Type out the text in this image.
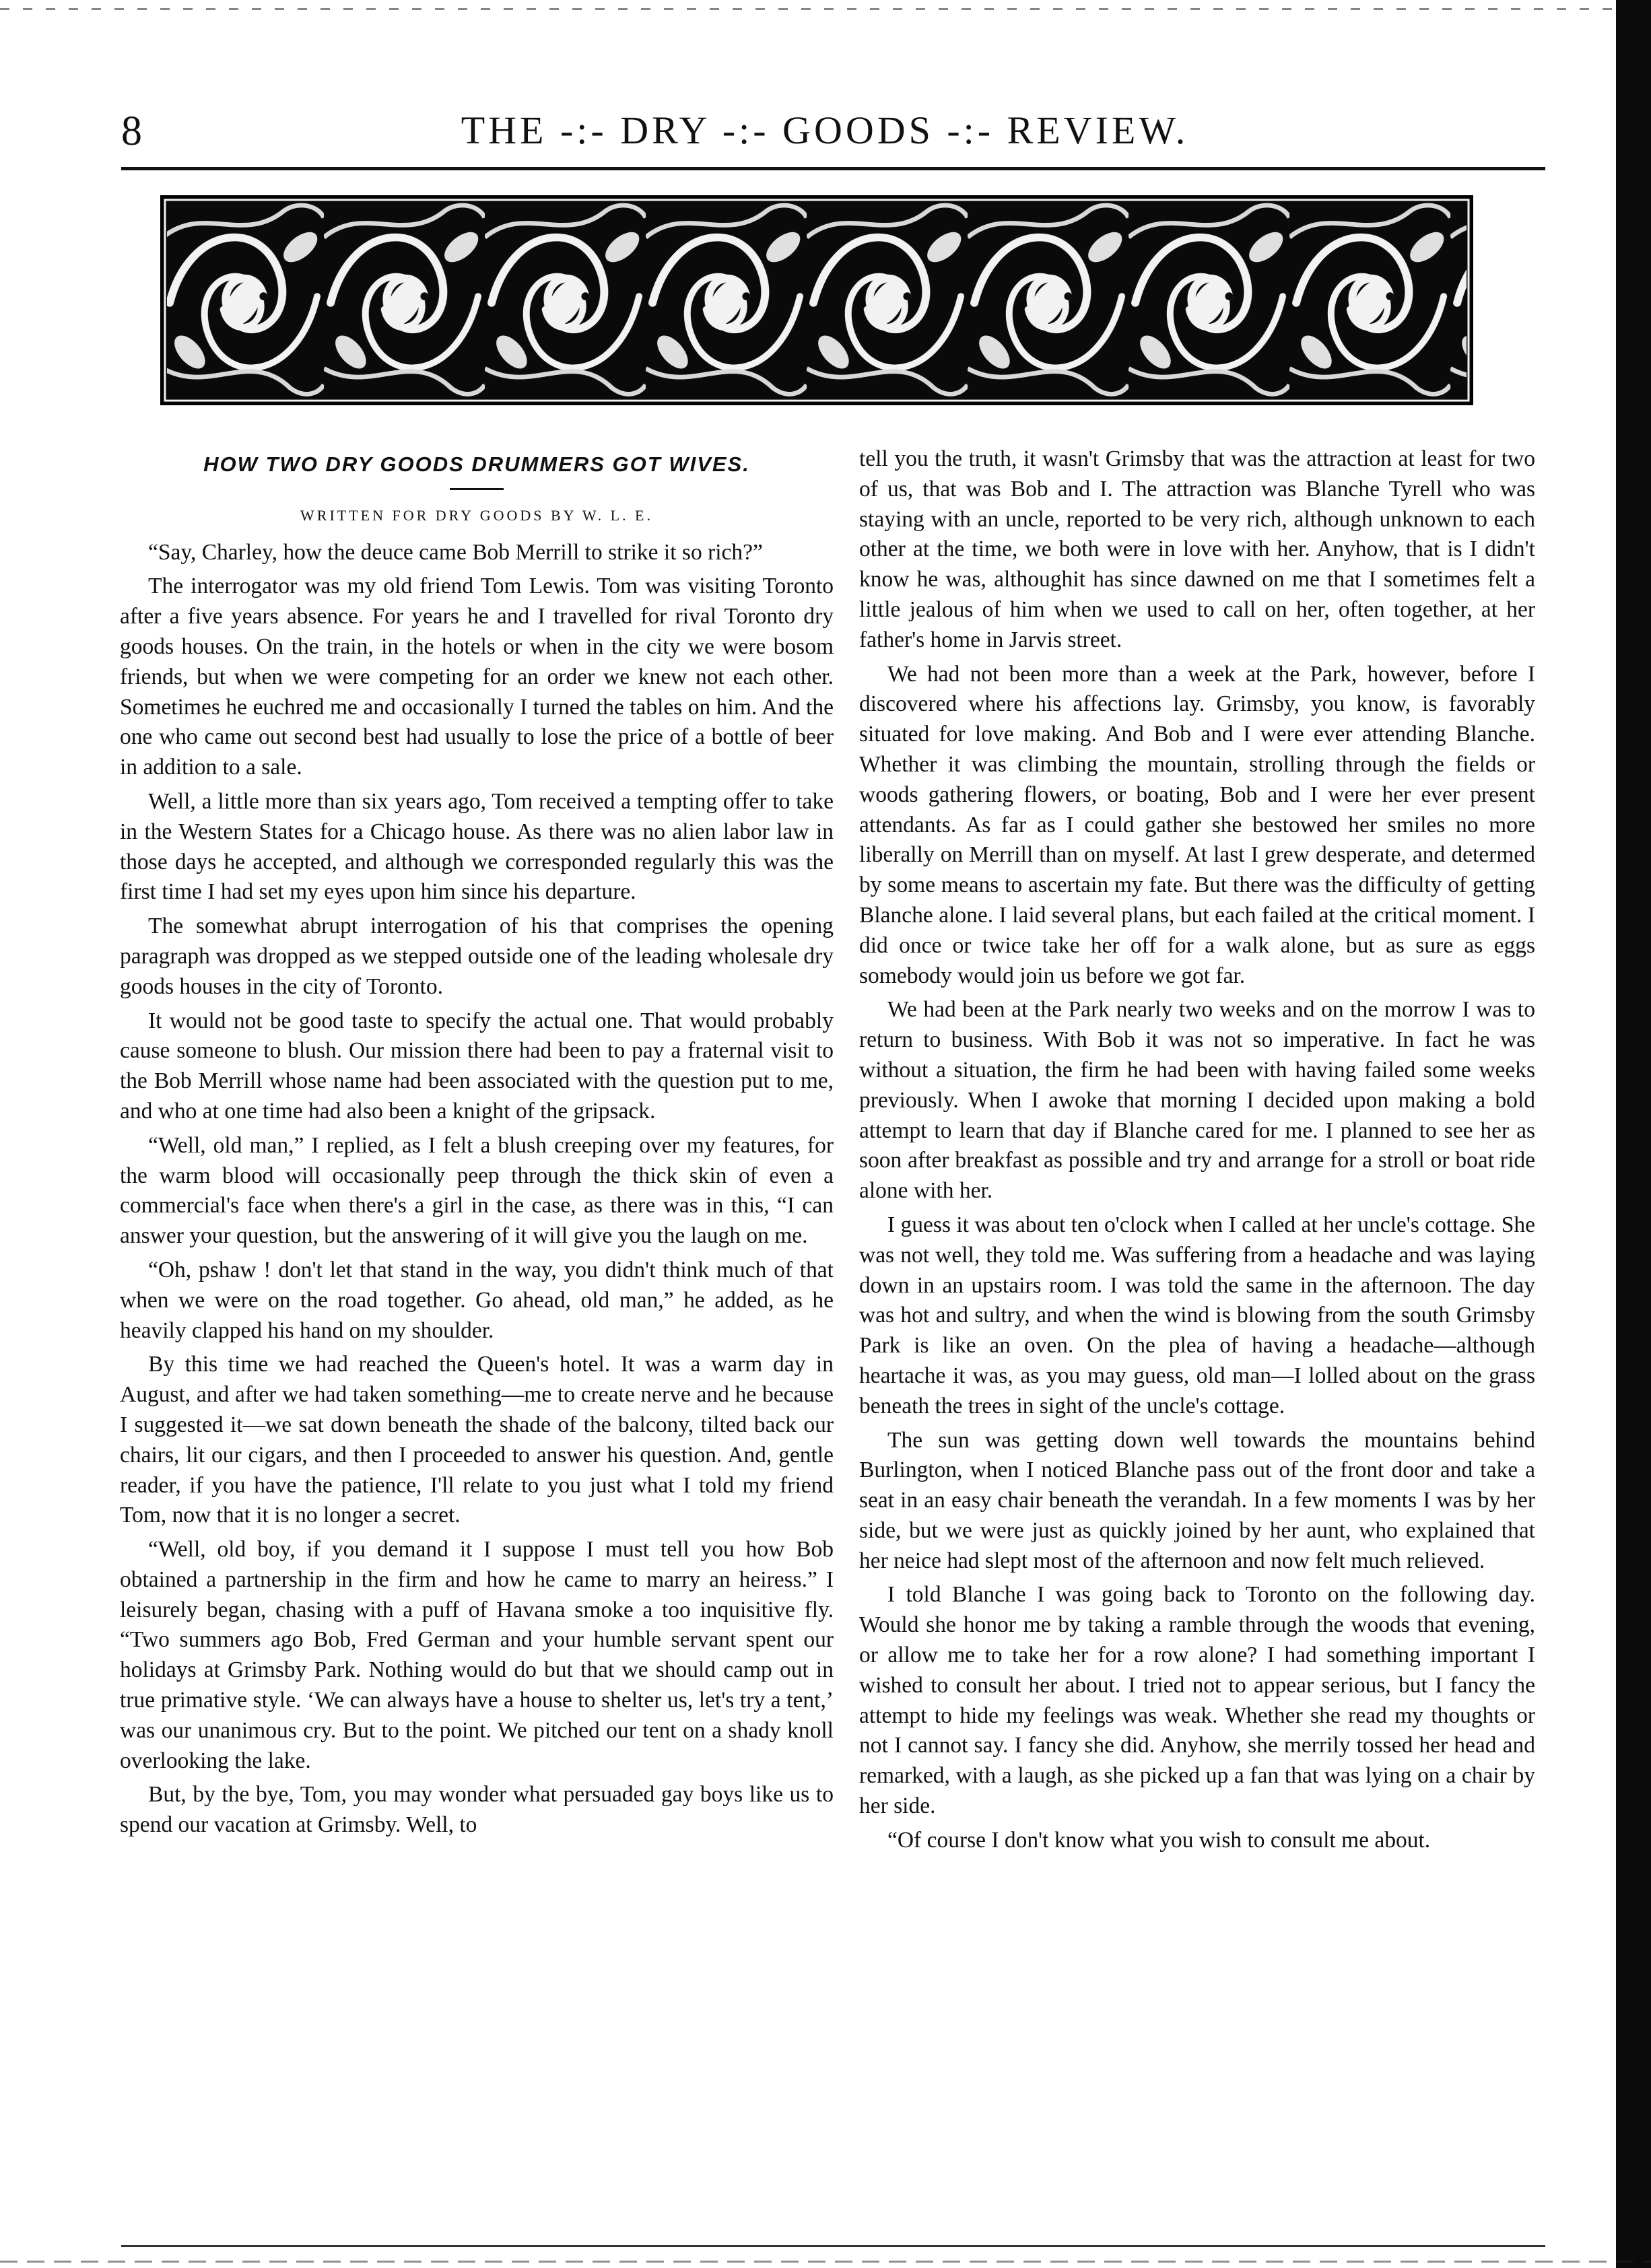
8	THE -:- DRY -:- GOODS -:- REVIEW.
HOW TWO DRY GOODS DRUMMERS GOT WIVES.
WRITTEN FOR DRY GOODS BY W. L. E.

“Say, Charley, how the deuce came Bob Merrill to strike it so rich?”

The interrogator was my old friend Tom Lewis. Tom was visiting Toronto after a five years absence. For years he and I travelled for rival Toronto dry goods houses. On the train, in the hotels or when in the city we were bosom friends, but when we were competing for an order we knew not each other. Sometimes he euchred me and occasionally I turned the tables on him. And the one who came out second best had usually to lose the price of a bottle of beer in addition to a sale.

Well, a little more than six years ago, Tom received a tempting offer to take in the Western States for a Chicago house. As there was no alien labor law in those days he accepted, and although we corresponded regularly this was the first time I had set my eyes upon him since his departure.

The somewhat abrupt interrogation of his that comprises the opening paragraph was dropped as we stepped outside one of the leading wholesale dry goods houses in the city of Toronto.

It would not be good taste to specify the actual one. That would probably cause someone to blush. Our mission there had been to pay a fraternal visit to the Bob Merrill whose name had been associated with the question put to me, and who at one time had also been a knight of the gripsack.

“Well, old man,” I replied, as I felt a blush creeping over my features, for the warm blood will occasionally peep through the thick skin of even a commercial's face when there's a girl in the case, as there was in this, “I can answer your question, but the answering of it will give you the laugh on me.

“Oh, pshaw ! don't let that stand in the way, you didn't think much of that when we were on the road together. Go ahead, old man,” he added, as he heavily clapped his hand on my shoulder.

By this time we had reached the Queen's hotel. It was a warm day in August, and after we had taken something—me to create nerve and he because I suggested it—we sat down beneath the shade of the balcony, tilted back our chairs, lit our cigars, and then I proceeded to answer his question. And, gentle reader, if you have the patience, I'll relate to you just what I told my friend Tom, now that it is no longer a secret.

“Well, old boy, if you demand it I suppose I must tell you how Bob obtained a partnership in the firm and how he came to marry an heiress.” I leisurely began, chasing with a puff of Havana smoke a too inquisitive fly. “Two summers ago Bob, Fred German and your humble servant spent our holidays at Grimsby Park. Nothing would do but that we should camp out in true primative style. ‘We can always have a house to shelter us, let's try a tent,’ was our unanimous cry. But to the point. We pitched our tent on a shady knoll overlooking the lake.

But, by the bye, Tom, you may wonder what persuaded gay boys like us to spend our vacation at Grimsby. Well, to

tell you the truth, it wasn't Grimsby that was the attraction at least for two of us, that was Bob and I. The attraction was Blanche Tyrell who was staying with an uncle, reported to be very rich, although unknown to each other at the time, we both were in love with her. Anyhow, that is I didn't know he was, althoughit has since dawned on me that I sometimes felt a little jealous of him when we used to call on her, often together, at her father's home in Jarvis street.

We had not been more than a week at the Park, however, before I discovered where his affections lay. Grimsby, you know, is favorably situated for love making. And Bob and I were ever attending Blanche. Whether it was climbing the mountain, strolling through the fields or woods gathering flowers, or boating, Bob and I were her ever present attendants. As far as I could gather she bestowed her smiles no more liberally on Merrill than on myself. At last I grew desperate, and determed by some means to ascertain my fate. But there was the difficulty of getting Blanche alone. I laid several plans, but each failed at the critical moment. I did once or twice take her off for a walk alone, but as sure as eggs somebody would join us before we got far.

We had been at the Park nearly two weeks and on the morrow I was to return to business. With Bob it was not so imperative. In fact he was without a situation, the firm he had been with having failed some weeks previously. When I awoke that morning I decided upon making a bold attempt to learn that day if Blanche cared for me. I planned to see her as soon after breakfast as possible and try and arrange for a stroll or boat ride alone with her.

I guess it was about ten o'clock when I called at her uncle's cottage. She was not well, they told me. Was suffering from a headache and was laying down in an upstairs room. I was told the same in the afternoon. The day was hot and sultry, and when the wind is blowing from the south Grimsby Park is like an oven. On the plea of having a headache—although heartache it was, as you may guess, old man—I lolled about on the grass beneath the trees in sight of the uncle's cottage.

The sun was getting down well towards the mountains behind Burlington, when I noticed Blanche pass out of the front door and take a seat in an easy chair beneath the verandah. In a few moments I was by her side, but we were just as quickly joined by her aunt, who explained that her neice had slept most of the afternoon and now felt much relieved.

I told Blanche I was going back to Toronto on the following day. Would she honor me by taking a ramble through the woods that evening, or allow me to take her for a row alone? I had something important I wished to consult her about. I tried not to appear serious, but I fancy the attempt to hide my feelings was weak. Whether she read my thoughts or not I cannot say. I fancy she did. Anyhow, she merrily tossed her head and remarked, with a laugh, as she picked up a fan that was lying on a chair by her side.

“Of course I don't know what you wish to consult me about.
